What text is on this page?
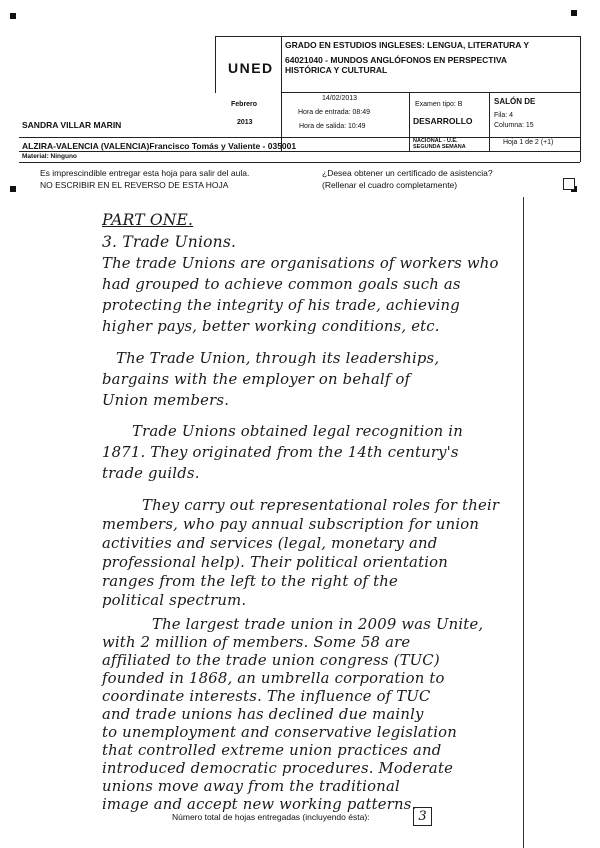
UNED
GRADO EN ESTUDIOS INGLESES: LENGUA, LITERATURA Y
64021040 - MUNDOS ANGLÓFONOS EN PERSPECTIVA
HISTÓRICA Y CULTURAL
SANDRA VILLAR MARIN
Febrero
2013
14/02/2013
Hora de entrada: 08:49
Hora de salida: 10:49
Examen tipo: B
DESARROLLO
SALÓN DE
Fila: 4
Columna: 15
ALZIRA-VALENCIA (VALENCIA)Francisco Tomás y Valiente - 035001	NACIONAL - U.E.
SEGUNDA SEMANA
Hoja 1 de 2 (+1)
Material: Ninguno
Es imprescindible entregar esta hoja para salir del aula.
NO ESCRIBIR EN EL REVERSO DE ESTA HOJA
¿Desea obtener un certificado de asistencia?
(Rellenar el cuadro completamente)
PART ONE.
3. Trade Unions.

The trade Unions are organisations of workers who

had grouped to achieve common goals such as

protecting the integrity of his trade, achieving

higher pays, better working conditions, etc.

The Trade Union, through its leaderships,

bargains with the employer on behalf of

Union members.

Trade Unions obtained legal recognition in

1871. They originated from the 14th century's

trade guilds.

They carry out representational roles for their

members, who pay annual subscription for union

activities and services (legal, monetary and

professional help). Their political orientation

ranges from the left to the right of the

political spectrum.

The largest trade union in 2009 was Unite,

with 2 million of members. Some 58 are

affiliated to the trade union congress (TUC)

founded in 1868, an umbrella corporation to

coordinate interests. The influence of TUC

and trade unions has declined due mainly

to unemployment and conservative legislation

that controlled extreme union practices and

introduced democratic procedures. Moderate

unions move away from the traditional

image and accept new working patterns.

Número total de hojas entregadas (incluyendo ésta):	3
